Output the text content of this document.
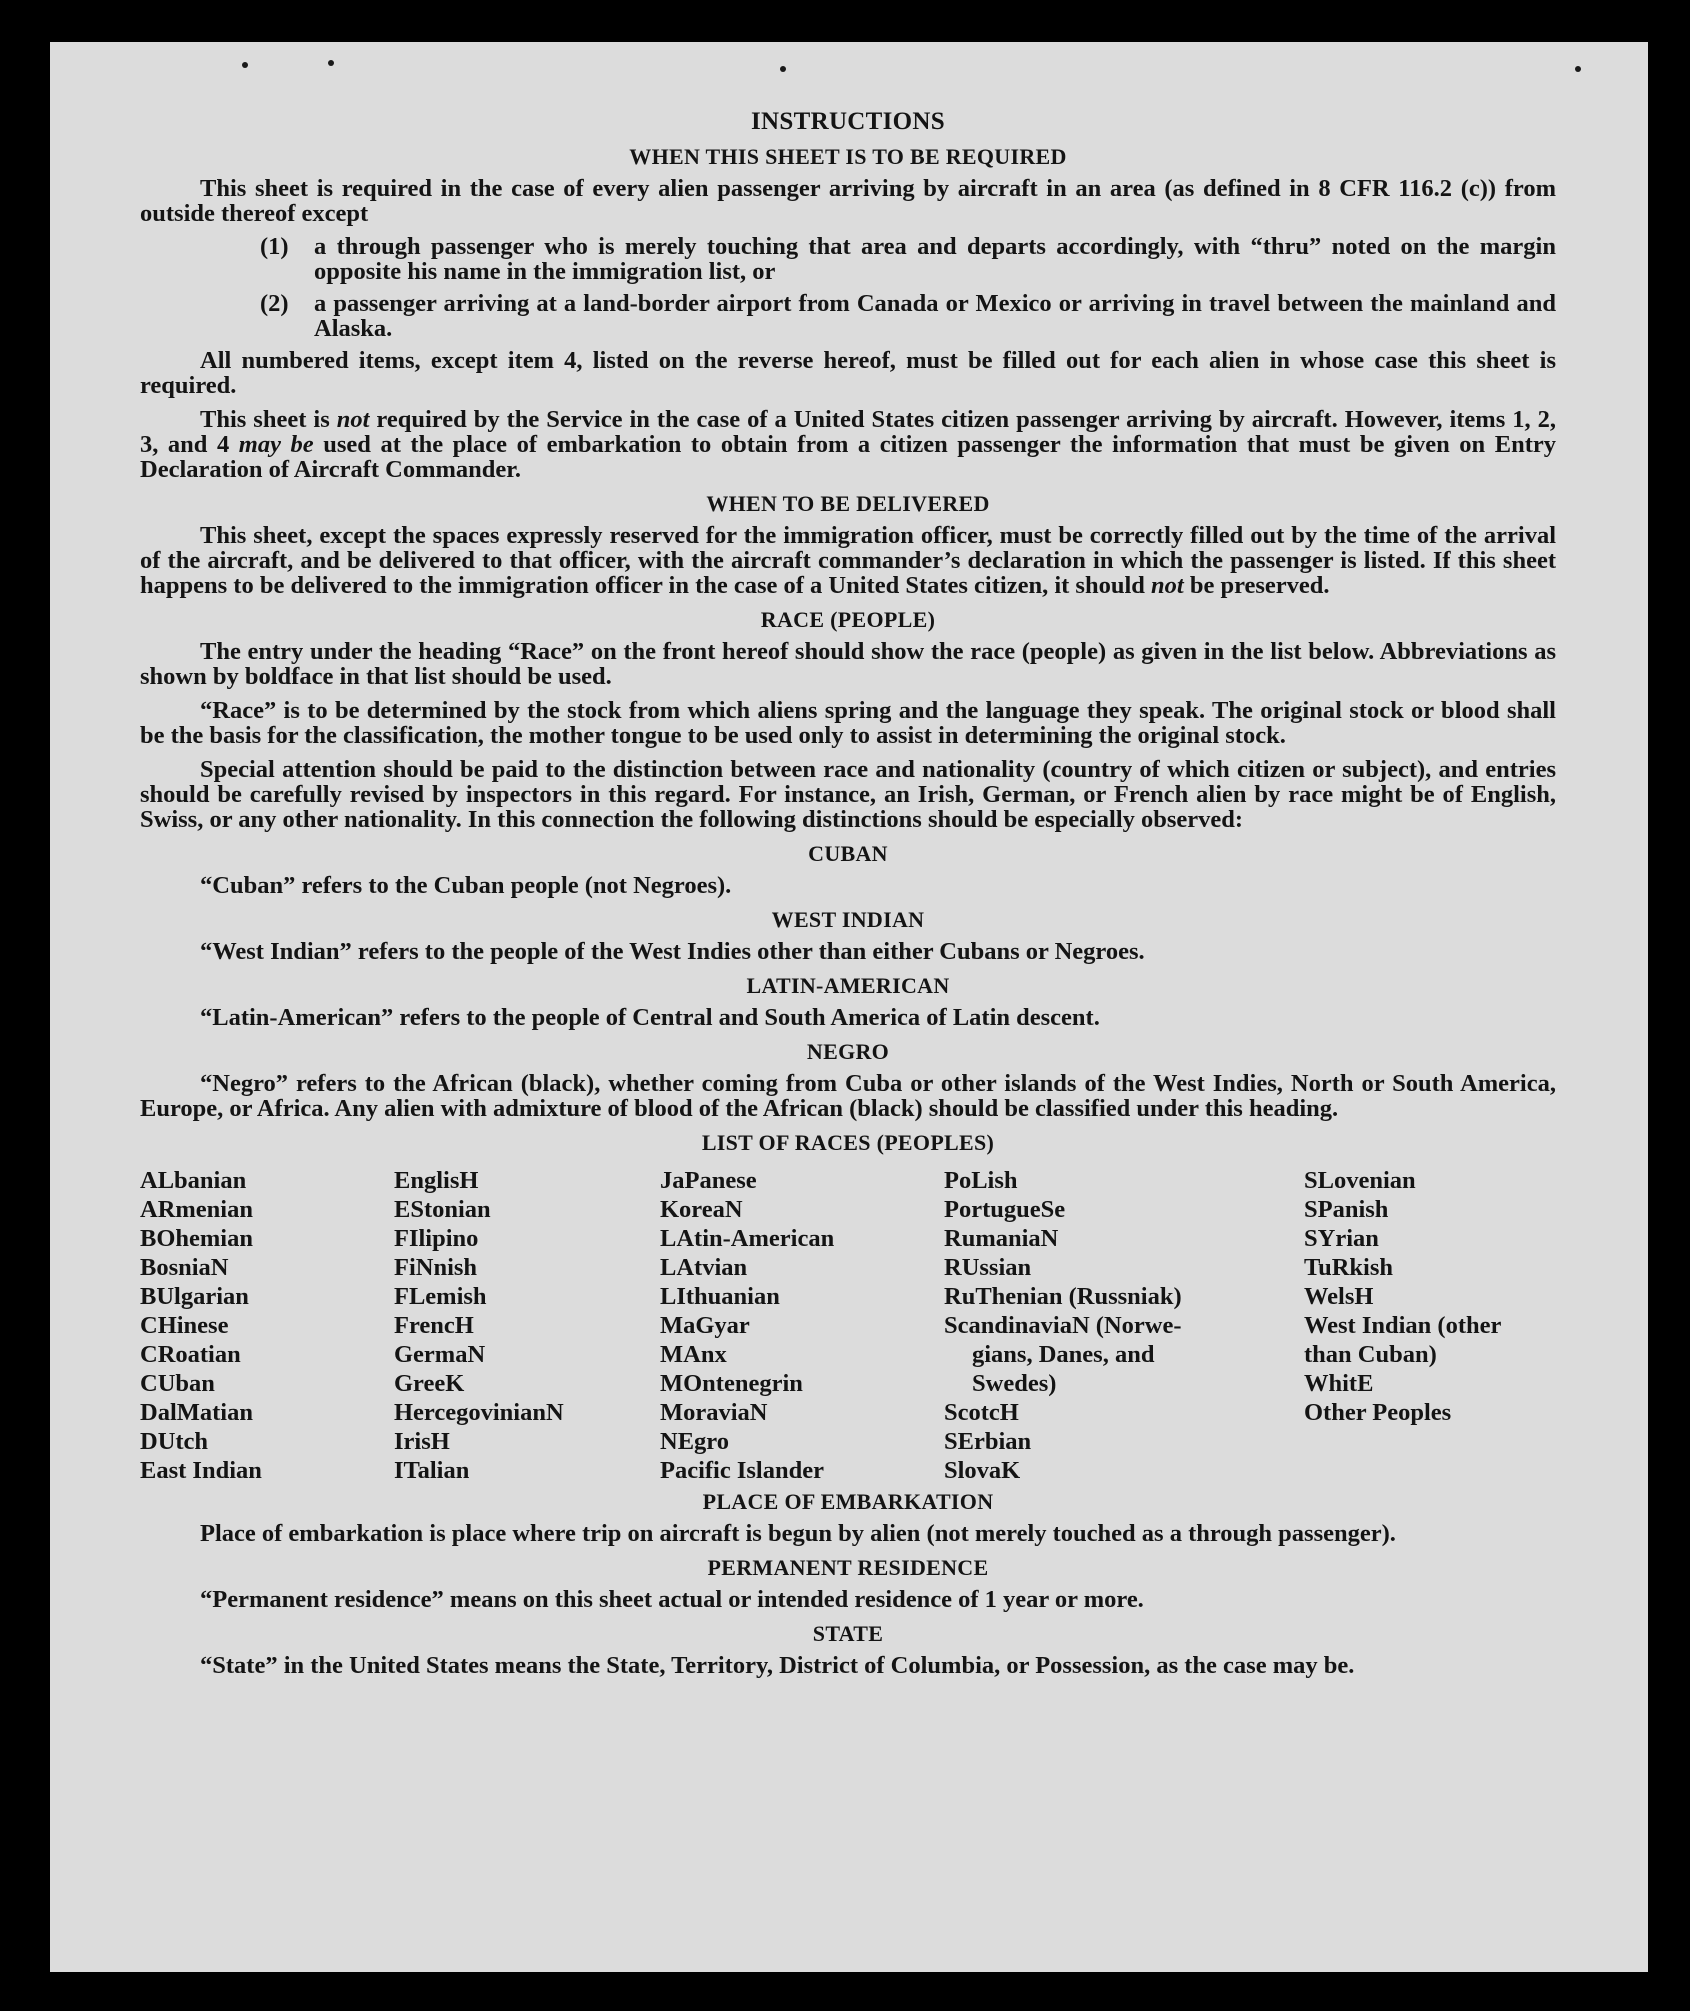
INSTRUCTIONS
WHEN THIS SHEET IS TO BE REQUIRED

This sheet is required in the case of every alien passenger arriving by aircraft in an area (as defined in 8 CFR 116.2 (c)) from outside thereof except

(1)	a through passenger who is merely touching that area and departs accordingly, with “thru” noted on the margin opposite his name in the immigration list, or
(2)	a passenger arriving at a land-border airport from Canada or Mexico or arriving in travel between the mainland and Alaska.

All numbered items, except item 4, listed on the reverse hereof, must be filled out for each alien in whose case this sheet is required.

This sheet is not required by the Service in the case of a United States citizen passenger arriving by aircraft. However, items 1, 2, 3, and 4 may be used at the place of embarkation to obtain from a citizen passenger the information that must be given on Entry Declaration of Aircraft Commander.

WHEN TO BE DELIVERED

This sheet, except the spaces expressly reserved for the immigration officer, must be correctly filled out by the time of the arrival of the aircraft, and be delivered to that officer, with the aircraft commander’s declaration in which the passenger is listed. If this sheet happens to be delivered to the immigration officer in the case of a United States citizen, it should not be preserved.

RACE (PEOPLE)

The entry under the heading “Race” on the front hereof should show the race (people) as given in the list below. Abbreviations as shown by boldface in that list should be used.

“Race” is to be determined by the stock from which aliens spring and the language they speak. The original stock or blood shall be the basis for the classification, the mother tongue to be used only to assist in determining the original stock.

Special attention should be paid to the distinction between race and nationality (country of which citizen or subject), and entries should be carefully revised by inspectors in this regard. For instance, an Irish, German, or French alien by race might be of English, Swiss, or any other nationality. In this connection the following distinctions should be especially observed:

CUBAN
“Cuban” refers to the Cuban people (not Negroes).
WEST INDIAN
“West Indian” refers to the people of the West Indies other than either Cubans or Negroes.
LATIN-AMERICAN
“Latin-American” refers to the people of Central and South America of Latin descent.
NEGRO

“Negro” refers to the African (black), whether coming from Cuba or other islands of the West Indies, North or South America, Europe, or Africa. Any alien with admixture of blood of the African (black) should be classified under this heading.

LIST OF RACES (PEOPLES)
ALbanian
ARmenian
BOhemian
BosniaN
BUlgarian
CHinese
CRoatian
CUban
DalMatian
DUtch
East Indian
EnglisH
EStonian
FIlipino
FiNnish
FLemish
FrencH
GermaN
GreeK
HercegovinianN
IrisH
ITalian
JaPanese
KoreaN
LAtin-American
LAtvian
LIthuanian
MaGyar
MAnx
MOntenegrin
MoraviaN
NEgro
Pacific Islander
PoLish
PortugueSe
RumaniaN
RUssian
RuThenian (Russniak)
ScandinaviaN (Norwe-
gians, Danes, and
Swedes)
ScotcH
SErbian
SlovaK
SLovenian
SPanish
SYrian
TuRkish
WelsH
West Indian (other
than Cuban)
WhitE
Other Peoples
PLACE OF EMBARKATION

Place of embarkation is place where trip on aircraft is begun by alien (not merely touched as a through passenger).

PERMANENT RESIDENCE
“Permanent residence” means on this sheet actual or intended residence of 1 year or more.
STATE

“State” in the United States means the State, Territory, District of Columbia, or Possession, as the case may be.
